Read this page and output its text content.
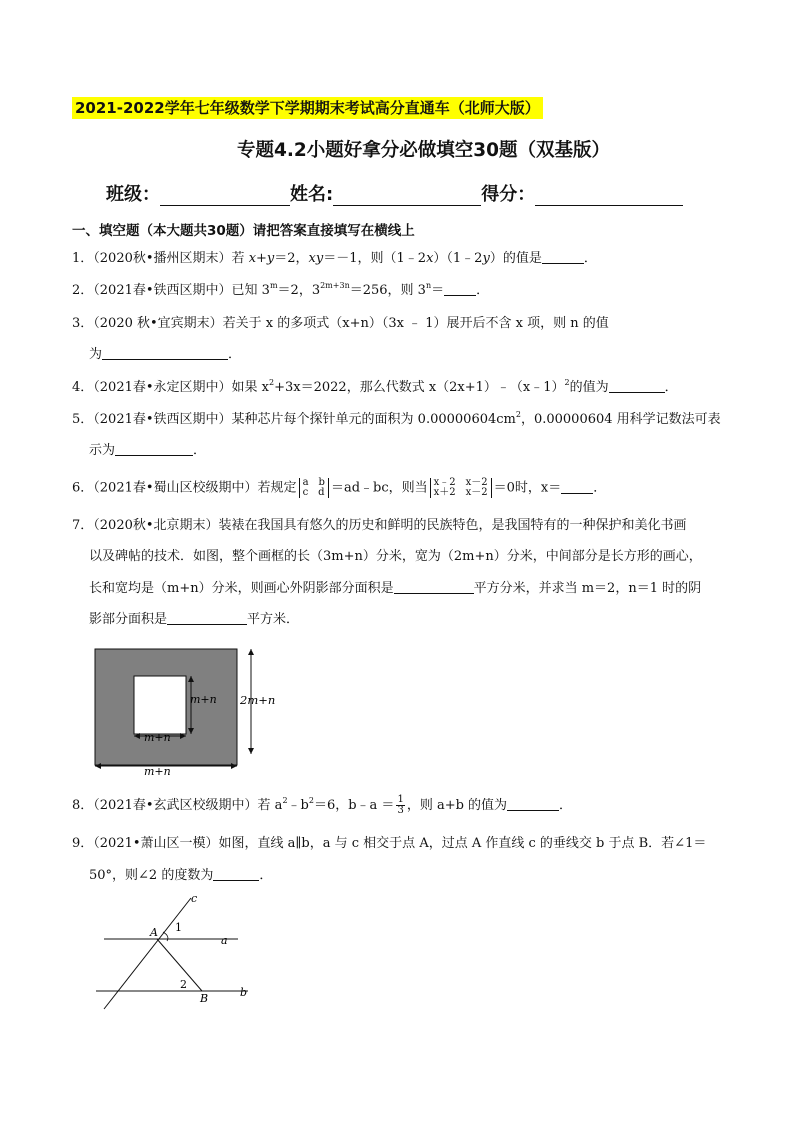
2021-2022学年七年级数学下学期期末考试高分直通车（北师大版）
专题4.2小题好拿分必做填空30题（双基版）
班级：	姓名:	得分：
一、填空题（本大题共30题）请把答案直接填写在横线上
1．（2020秋•播州区期末）若 x+y＝2，xy＝－1，则（1﹣2x）（1﹣2y）的值是	．
2．（2021春•铁西区期中）已知 $3^m=2$，$3^{2m+3n}=256$，则 $3^n=$ ．
3．（2020 秋•宜宾期末）若关于 x 的多项式（x+n）（3x ﹣ 1）展开后不含 x 项，则 n 的值
为	．
4．（2021春•永定区期中）如果 $x^2+3x=2022$，那么代数式 x（2x+1）﹣（x﹣1）$^2$的值为	．
5．（2021春•铁西区期中）某种芯片每个探针单元的面积为 $0.00000604cm^2$，0.00000604 用科学记数法可表
示为	．
6．（2021春•蜀山区校级期中）若规定 a　b
c　d ＝ad﹣bc，则当 x﹣2　x－2
x＋2　x－2 ＝0时，x＝ ．
7．（2020秋•北京期末）装裱在我国具有悠久的历史和鲜明的民族特色，是我国特有的一种保护和美化书画
以及碑帖的技术．如图，整个画框的长（3m+n）分米，宽为（2m+n）分米，中间部分是长方形的画心，
长和宽均是（m+n）分米，则画心外阴影部分面积是	平方分米，并求当 m＝2，n＝1 时的阴
影部分面积是	平方米．
m+n
m+n
2m+n
m+n
8．（2021春•玄武区校级期中）若 $a^2﹣b^2=6$，b﹣a ＝ $\frac{1}{3}$ ，则 a+b 的值为	．
9．（2021•萧山区一模）如图，直线 a∥b，a 与 c 相交于点 A，过点 A 作直线 c 的垂线交 b 于点 B．若∠1＝
50°，则∠2 的度数为	．
c
A 1
a
2
B	b
